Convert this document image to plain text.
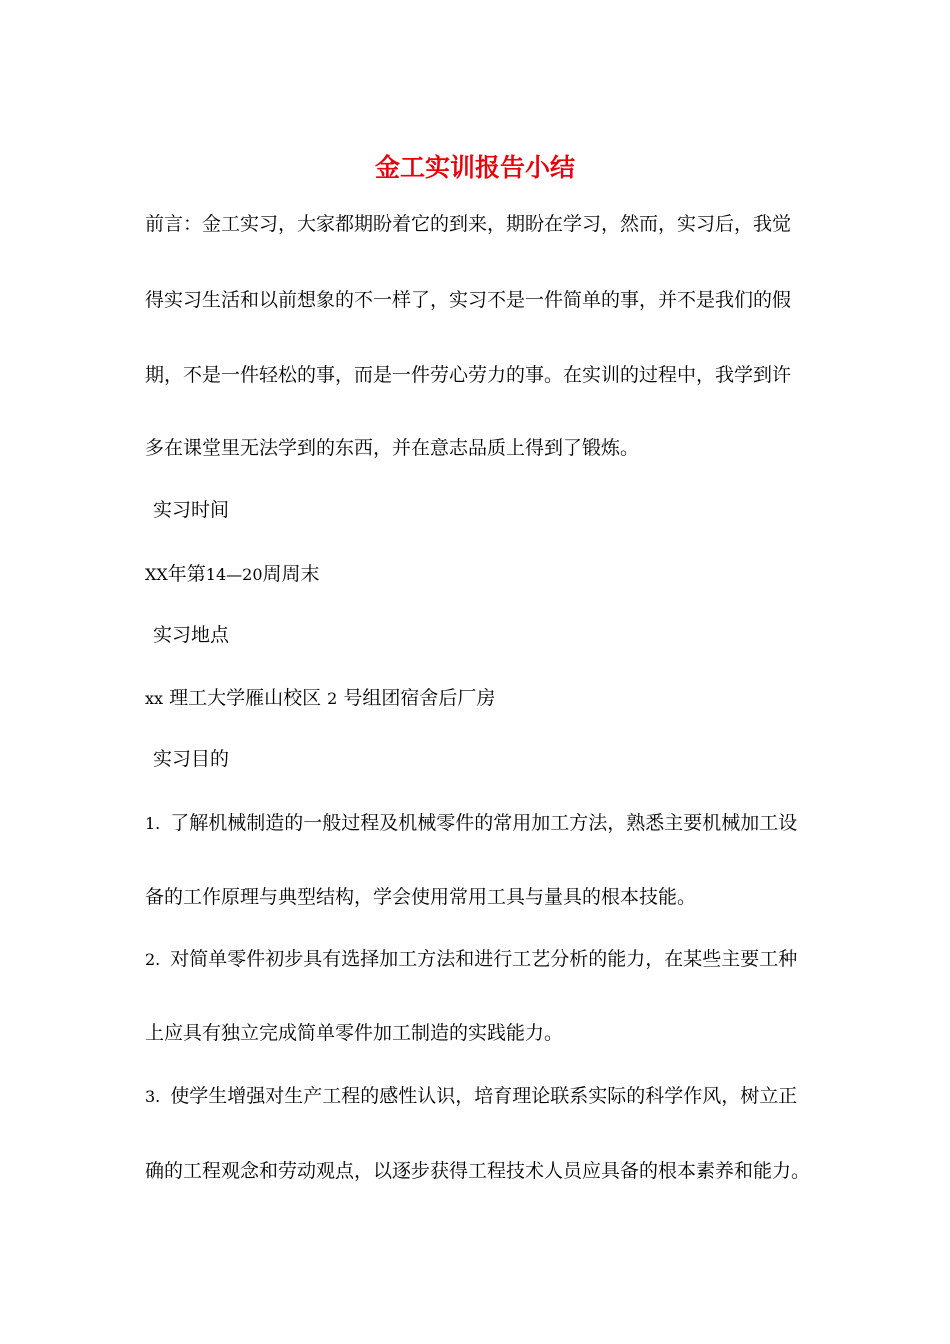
金工实训报告小结
前言：金工实习，大家都期盼着它的到来，期盼在学习，然而，实习后，我觉
得实习生活和以前想象的不一样了，实习不是一件简单的事，并不是我们的假
期，不是一件轻松的事，而是一件劳心劳力的事。在实训的过程中，我学到许
多在课堂里无法学到的东西，并在意志品质上得到了锻炼。
实习时间
XX年第14—20周周末
实习地点
xx 理工大学雁山校区 2 号组团宿舍后厂房
实习目的
1. 了解机械制造的一般过程及机械零件的常用加工方法，熟悉主要机械加工设
备的工作原理与典型结构，学会使用常用工具与量具的根本技能。
2. 对简单零件初步具有选择加工方法和进行工艺分析的能力，在某些主要工种
上应具有独立完成简单零件加工制造的实践能力。
3. 使学生增强对生产工程的感性认识，培育理论联系实际的科学作风，树立正
确的工程观念和劳动观点，以逐步获得工程技术人员应具备的根本素养和能力。
